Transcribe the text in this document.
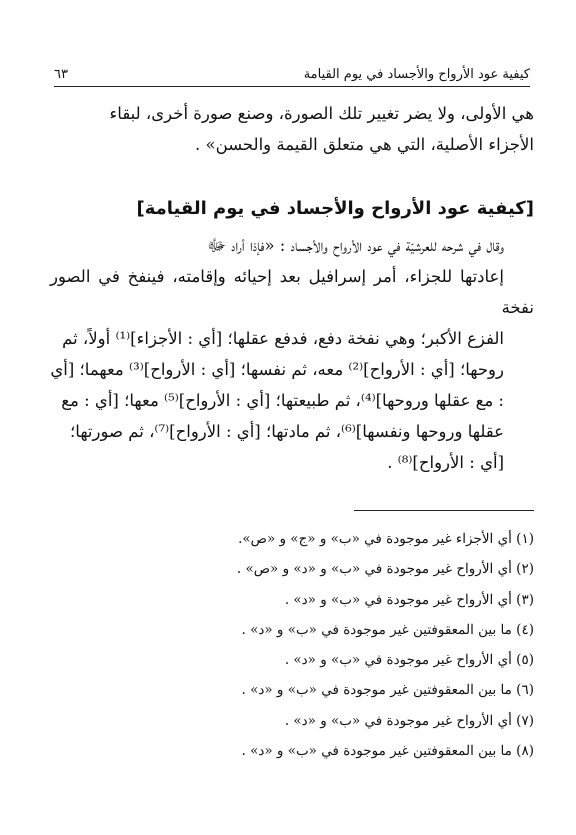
كيفية عود الأرواح والأجساد في يوم القيامة
٦٣
هي الأولى، ولا يضر تغيير تلك الصورة، وصنع صورة أخرى، لبقاء
الأجزاء الأصلية، التي هي متعلق القيمة والحسن» .
[كيفية عود الأرواح والأجساد في يوم القيامة]
وقال في شرحه للعرشيّة في عود الأرواح والأجساد : «فإذا أراد ﷻ
إعادتها للجزاء، أمر إسرافيل بعد إحيائه وإقامته، فينفخ في الصور نفخة
الفزع الأكبر؛ وهي نفخة دفع، فدفع عقلها؛ [أي : الأجزاء]⁽¹⁾ أولاً، ثم
روحها؛ [أي : الأرواح]⁽²⁾ معه، ثم نفسها؛ [أي : الأرواح]⁽³⁾ معهما؛ [أي
: مع عقلها وروحها]⁽⁴⁾، ثم طبيعتها؛ [أي : الأرواح]⁽⁵⁾ معها؛ [أي : مع
عقلها وروحها ونفسها]⁽⁶⁾، ثم مادتها؛ [أي : الأرواح]⁽⁷⁾، ثم صورتها؛
[أي : الأرواح]⁽⁸⁾ .
(١) أي الأجزاء غير موجودة في «ب» و «ج» و «ص».
(٢) أي الأرواح غير موجودة في «ب» و «د» و «ص» .
(٣) أي الأرواح غير موجودة في «ب» و «د» .
(٤) ما بين المعقوفتين غير موجودة في «ب» و «د» .
(٥) أي الأرواح غير موجودة في «ب» و «د» .
(٦) ما بين المعقوفتين غير موجودة في «ب» و «د» .
(٧) أي الأرواح غير موجودة في «ب» و «د» .
(٨) ما بين المعقوفتين غير موجودة في «ب» و «د» .
